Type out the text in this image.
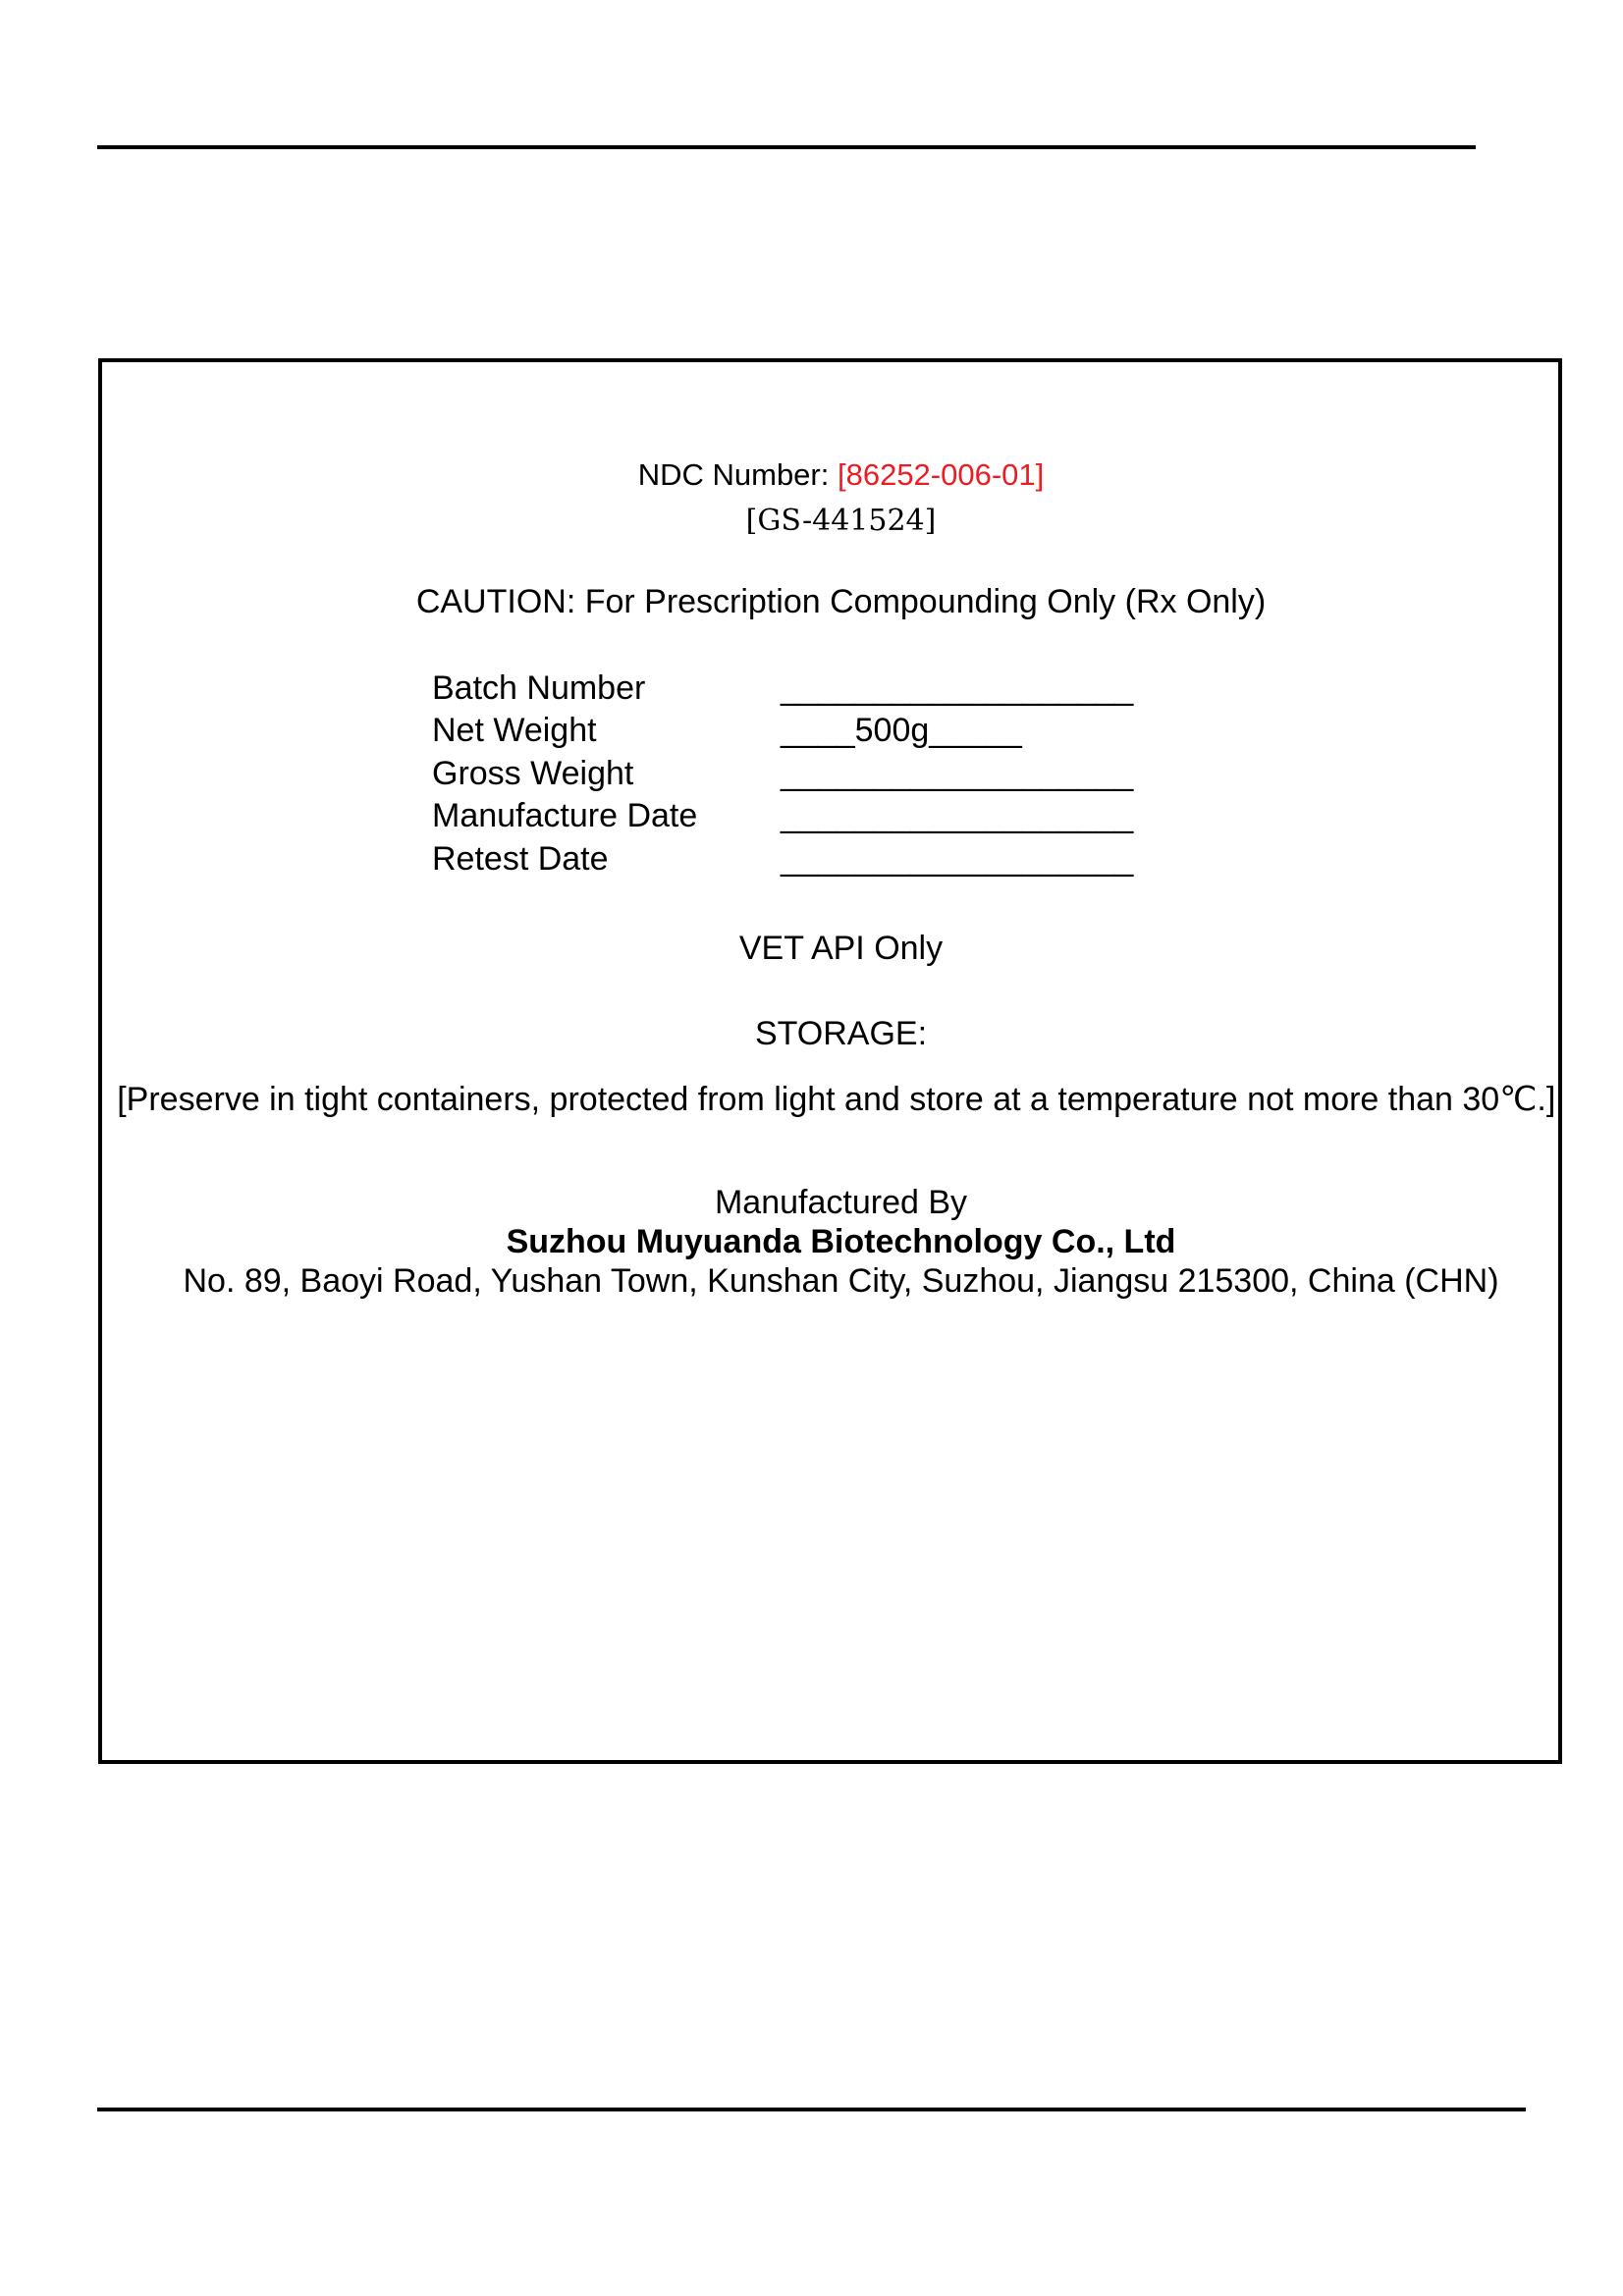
NDC Number: [86252-006-01]
[GS-441524]
CAUTION: For Prescription Compounding Only (Rx Only)
Batch Number	___________________
Net Weight	____500g_____
Gross Weight	___________________
Manufacture Date ___________________
Retest Date	___________________
VET API Only
STORAGE:
[Preserve in tight containers, protected from light and store at a temperature not more than 30℃.].
Manufactured By
Suzhou Muyuanda Biotechnology Co., Ltd
No. 89, Baoyi Road, Yushan Town, Kunshan City, Suzhou, Jiangsu 215300, China (CHN)
